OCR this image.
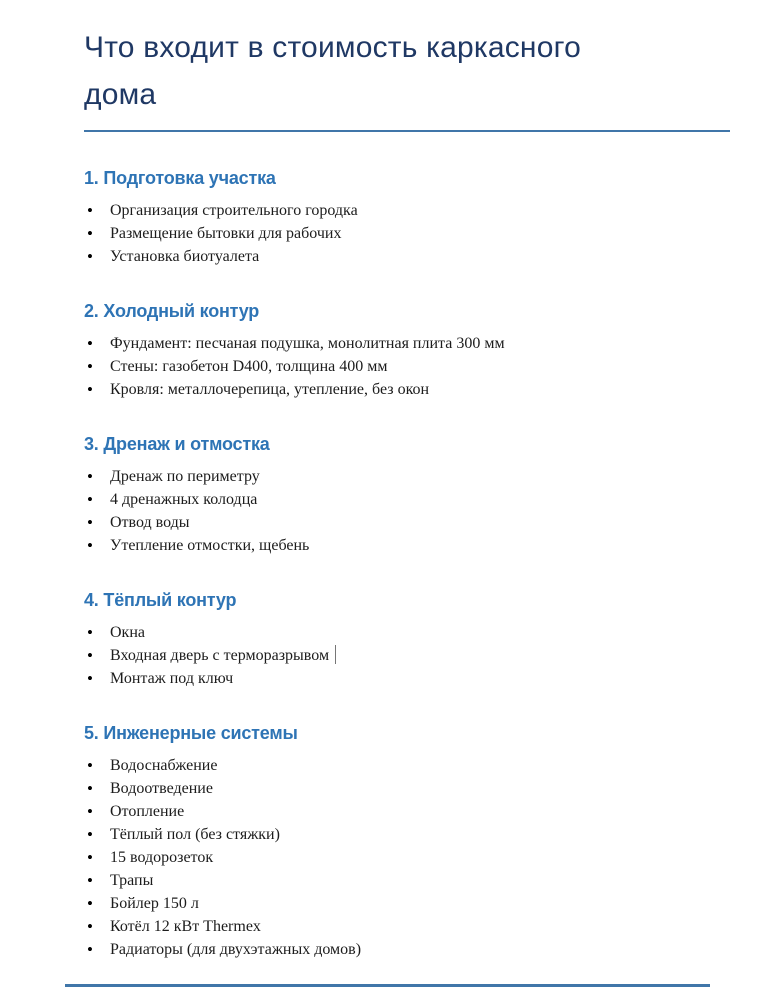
Что входит в стоимость каркасного дома
1. Подготовка участка
• Организация строительного городка
• Размещение бытовки для рабочих
• Установка биотуалета
2. Холодный контур
• Фундамент: песчаная подушка, монолитная плита 300 мм
• Стены: газобетон D400, толщина 400 мм
• Кровля: металлочерепица, утепление, без окон
3. Дренаж и отмостка
• Дренаж по периметру
• 4 дренажных колодца
• Отвод воды
• Утепление отмостки, щебень
4. Тёплый контур
• Окна
• Входная дверь с терморазрывом
• Монтаж под ключ
5. Инженерные системы
• Водоснабжение
• Водоотведение
• Отопление
• Тёплый пол (без стяжки)
• 15 водорозеток
• Трапы
• Бойлер 150 л
• Котёл 12 кВт Thermex
• Радиаторы (для двухэтажных домов)
